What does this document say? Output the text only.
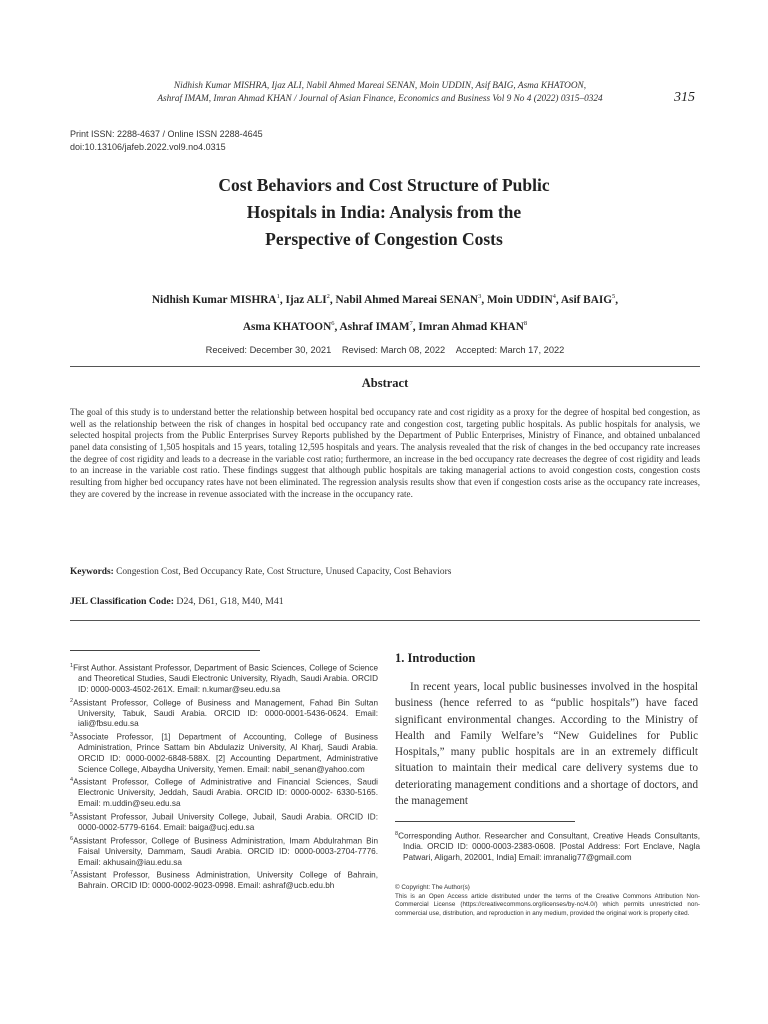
Nidhish Kumar MISHRA, Ijaz ALI, Nabil Ahmed Mareai SENAN, Moin UDDIN, Asif BAIG, Asma KHATOON,
Ashraf IMAM, Imran Ahmad KHAN / Journal of Asian Finance, Economics and Business Vol 9 No 4 (2022) 0315–0324	315
Print ISSN: 2288-4637 / Online ISSN 2288-4645
doi:10.13106/jafeb.2022.vol9.no4.0315
Cost Behaviors and Cost Structure of Public
Hospitals in India: Analysis from the
Perspective of Congestion Costs
Nidhish Kumar MISHRA$^1$, Ijaz ALI$^2$, Nabil Ahmed Mareai SENAN$^3$, Moin UDDIN$^4$, Asif BAIG$^5$,
Asma KHATOON$^6$, Ashraf IMAM$^7$, Imran Ahmad KHAN$^8$
Received: December 30, 2021 Revised: March 08, 2022 Accepted: March 17, 2022
Abstract
The goal of this study is to understand better the relationship between hospital bed occupancy rate and cost rigidity as a proxy for the degree of hospital bed congestion, as well as the relationship between the risk of changes in hospital bed occupancy rate and congestion cost, targeting public hospitals. As public hospitals for analysis, we selected hospital projects from the Public Enterprises Survey Reports published by the Department of Public Enterprises, Ministry of Finance, and obtained unbalanced panel data consisting of 1,505 hospitals and 15 years, totaling 12,595 hospitals and years. The analysis revealed that the risk of changes in the bed occupancy rate increases the degree of cost rigidity and leads to a decrease in the variable cost ratio; furthermore, an increase in the bed occupancy rate decreases the degree of cost rigidity and leads to an increase in the variable cost ratio. These findings suggest that although public hospitals are taking managerial actions to avoid congestion costs, congestion costs resulting from higher bed occupancy rates have not been eliminated. The regression analysis results show that even if congestion costs arise as the occupancy rate increases, they are covered by the increase in revenue associated with the increase in the occupancy rate.
Keywords: Congestion Cost, Bed Occupancy Rate, Cost Structure, Unused Capacity, Cost Behaviors
JEL Classification Code: D24, D61, G18, M40, M41
$^1$First Author. Assistant Professor, Department of Basic Sciences, College of Science and Theoretical Studies, Saudi Electronic University, Riyadh, Saudi Arabia. ORCID ID: 0000-0003-4502-261X. Email: n.kumar@seu.edu.sa
$^2$Assistant Professor, College of Business and Management, Fahad Bin Sultan University, Tabuk, Saudi Arabia. ORCID ID: 0000-0001-5436-0624. Email: iali@fbsu.edu.sa
$^3$Associate Professor, [1] Department of Accounting, College of Business Administration, Prince Sattam bin Abdulaziz University, Al Kharj, Saudi Arabia. ORCID ID: 0000-0002-6848-588X. [2] Accounting Department, Administrative Science College, Albaydha University, Yemen. Email: nabil_senan@yahoo.com
$^4$Assistant Professor, College of Administrative and Financial Sciences, Saudi Electronic University, Jeddah, Saudi Arabia. ORCID ID: 0000-0002- 6330-5165. Email: m.uddin@seu.edu.sa
$^5$Assistant Professor, Jubail University College, Jubail, Saudi Arabia. ORCID ID: 0000-0002-5779-6164. Email: baiga@ucj.edu.sa
$^6$Assistant Professor, College of Business Administration, Imam Abdulrahman Bin Faisal University, Dammam, Saudi Arabia. ORCID ID: 0000-0003-2704-7776. Email: akhusain@iau.edu.sa
$^7$Assistant Professor, Business Administration, University College of Bahrain, Bahrain. ORCID ID: 0000-0002-9023-0998. Email: ashraf@ucb.edu.bh
1. Introduction
In recent years, local public businesses involved in the hospital business (hence referred to as “public hospitals”) have faced significant environmental changes. According to the Ministry of Health and Family Welfare’s “New Guidelines for Public Hospitals,” many public hospitals are in an extremely difficult situation to maintain their medical care delivery systems due to deteriorating management conditions and a shortage of doctors, and the management
$^8$Corresponding Author. Researcher and Consultant, Creative Heads Consultants, India. ORCID ID: 0000-0003-2383-0608. [Postal Address: Fort Enclave, Nagla Patwari, Aligarh, 202001, India] Email: imranalig77@gmail.com
© Copyright: The Author(s)
This is an Open Access article distributed under the terms of the Creative Commons Attribution Non-Commercial License (https://creativecommons.org/licenses/by-nc/4.0/) which permits unrestricted non-commercial use, distribution, and reproduction in any medium, provided the original work is properly cited.
